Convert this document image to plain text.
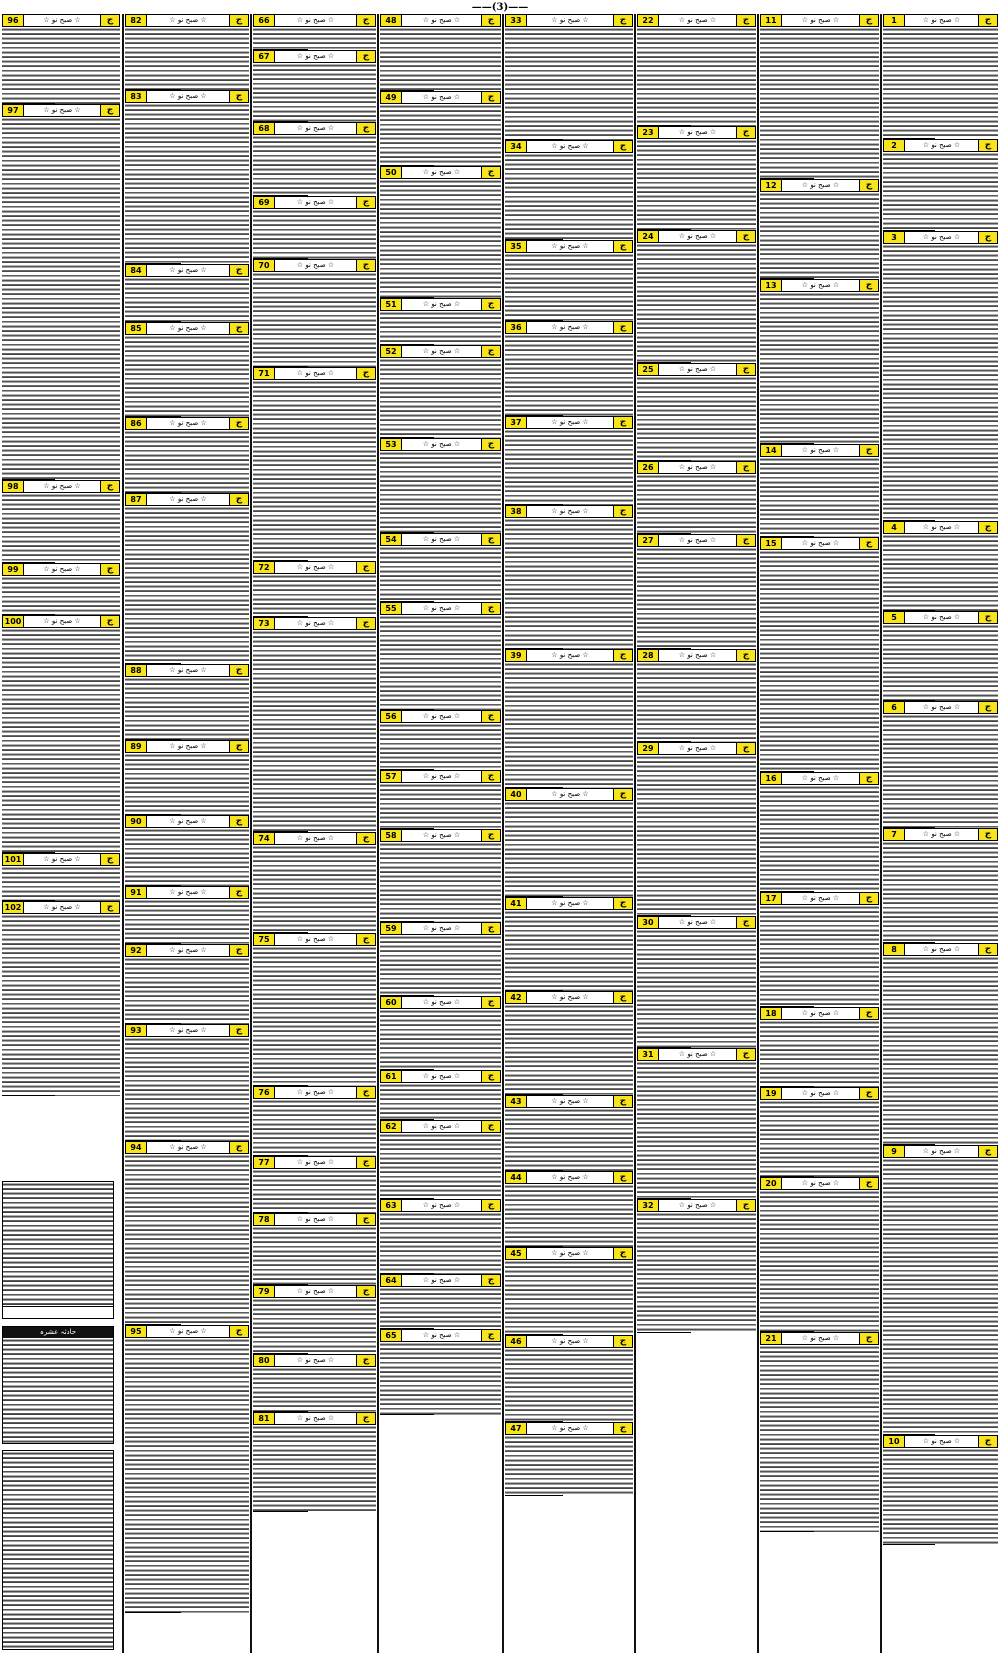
——(3)——
1	☆ صبح نو ☆	ج
2	☆ صبح نو ☆	ج
3	☆ صبح نو ☆	ج
4	☆ صبح نو ☆	ج
5	☆ صبح نو ☆	ج
6	☆ صبح نو ☆	ج
7	☆ صبح نو ☆	ج
8	☆ صبح نو ☆	ج
9	☆ صبح نو ☆	ج
10	☆ صبح نو ☆	ج
11	☆ صبح نو ☆	ج
12	☆ صبح نو ☆	ج
13	☆ صبح نو ☆	ج
14	☆ صبح نو ☆	ج
15	☆ صبح نو ☆	ج
16	☆ صبح نو ☆	ج
17	☆ صبح نو ☆	ج
18	☆ صبح نو ☆	ج
19	☆ صبح نو ☆	ج
20	☆ صبح نو ☆	ج
21	☆ صبح نو ☆	ج
22	☆ صبح نو ☆	ج
23	☆ صبح نو ☆	ج
24	☆ صبح نو ☆	ج
25	☆ صبح نو ☆	ج
26	☆ صبح نو ☆	ج
27	☆ صبح نو ☆	ج
28	☆ صبح نو ☆	ج
29	☆ صبح نو ☆	ج
30	☆ صبح نو ☆	ج
31	☆ صبح نو ☆	ج
32	☆ صبح نو ☆	ج
33	☆ صبح نو ☆	ج
34	☆ صبح نو ☆	ج
35	☆ صبح نو ☆	ج
36	☆ صبح نو ☆	ج
37	☆ صبح نو ☆	ج
38	☆ صبح نو ☆	ج
39	☆ صبح نو ☆	ج
40	☆ صبح نو ☆	ج
41	☆ صبح نو ☆	ج
42	☆ صبح نو ☆	ج
43	☆ صبح نو ☆	ج
44	☆ صبح نو ☆	ج
45	☆ صبح نو ☆	ج
46	☆ صبح نو ☆	ج
47	☆ صبح نو ☆	ج
48	☆ صبح نو ☆	ج
49	☆ صبح نو ☆	ج
50	☆ صبح نو ☆	ج
51	☆ صبح نو ☆	ج
52	☆ صبح نو ☆	ج
53	☆ صبح نو ☆	ج
54	☆ صبح نو ☆	ج
55	☆ صبح نو ☆	ج
56	☆ صبح نو ☆	ج
57	☆ صبح نو ☆	ج
58	☆ صبح نو ☆	ج
59	☆ صبح نو ☆	ج
60	☆ صبح نو ☆	ج
61	☆ صبح نو ☆	ج
62	☆ صبح نو ☆	ج
63	☆ صبح نو ☆	ج
64	☆ صبح نو ☆	ج
65	☆ صبح نو ☆	ج
66	☆ صبح نو ☆	ج
67	☆ صبح نو ☆	ج
68	☆ صبح نو ☆	ج
69	☆ صبح نو ☆	ج
70	☆ صبح نو ☆	ج
71	☆ صبح نو ☆	ج
72	☆ صبح نو ☆	ج
73	☆ صبح نو ☆	ج
74	☆ صبح نو ☆	ج
75	☆ صبح نو ☆	ج
76	☆ صبح نو ☆	ج
77	☆ صبح نو ☆	ج
78	☆ صبح نو ☆	ج
79	☆ صبح نو ☆	ج
80	☆ صبح نو ☆	ج
81	☆ صبح نو ☆	ج
82	☆ صبح نو ☆	ج
83	☆ صبح نو ☆	ج
84	☆ صبح نو ☆	ج
85	☆ صبح نو ☆	ج
86	☆ صبح نو ☆	ج
87	☆ صبح نو ☆	ج
88	☆ صبح نو ☆	ج
89	☆ صبح نو ☆	ج
90	☆ صبح نو ☆	ج
91	☆ صبح نو ☆	ج
92	☆ صبح نو ☆	ج
93	☆ صبح نو ☆	ج
94	☆ صبح نو ☆	ج
95	☆ صبح نو ☆	ج
96	☆ صبح نو ☆	ج
97	☆ صبح نو ☆	ج
98	☆ صبح نو ☆	ج
99	☆ صبح نو ☆	ج
100	☆ صبح نو ☆	ج
101	☆ صبح نو ☆	ج
102	☆ صبح نو ☆	ج
حادثہ عشرہ
